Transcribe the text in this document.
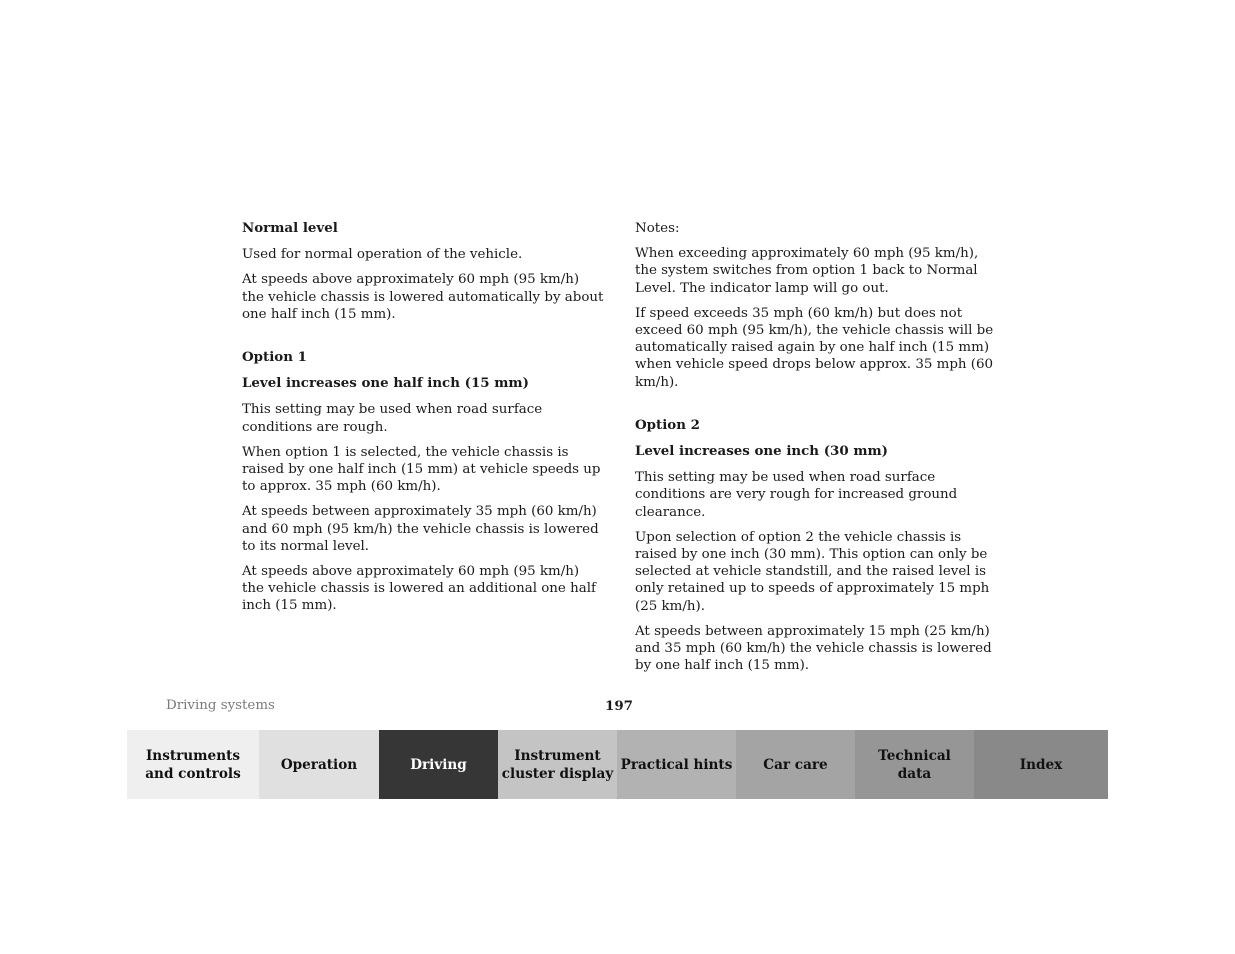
Normal level

Used for normal operation of the vehicle.

At speeds above approximately 60 mph (95 km/h) the vehicle chassis is lowered automatically by about one half inch (15 mm).

Option 1

Level increases one half inch (15 mm)

This setting may be used when road surface conditions are rough.

When option 1 is selected, the vehicle chassis is raised by one half inch (15 mm) at vehicle speeds up to approx. 35 mph (60 km/h).

At speeds between approximately 35 mph (60 km/h) and 60 mph (95 km/h) the vehicle chassis is lowered to its normal level.

At speeds above approximately 60 mph (95 km/h) the vehicle chassis is lowered an additional one half inch (15 mm).

Notes:

When exceeding approximately 60 mph (95 km/h), the system switches from option 1 back to Normal Level. The indicator lamp will go out.

If speed exceeds 35 mph (60 km/h) but does not exceed 60 mph (95 km/h), the vehicle chassis will be automatically raised again by one half inch (15 mm) when vehicle speed drops below approx. 35 mph (60 km/h).

Option 2

Level increases one inch (30 mm)

This setting may be used when road surface conditions are very rough for increased ground clearance.

Upon selection of option 2 the vehicle chassis is raised by one inch (30 mm). This option can only be selected at vehicle standstill, and the raised level is only retained up to speeds of approximately 15 mph (25 km/h).

At speeds between approximately 15 mph (25 km/h) and 35 mph (60 km/h) the vehicle chassis is lowered by one half inch (15 mm).

Driving systems	197
Instruments
and controls
Operation	Driving
Instrument
cluster display
Practical hints Car care
Technical
data
Index
